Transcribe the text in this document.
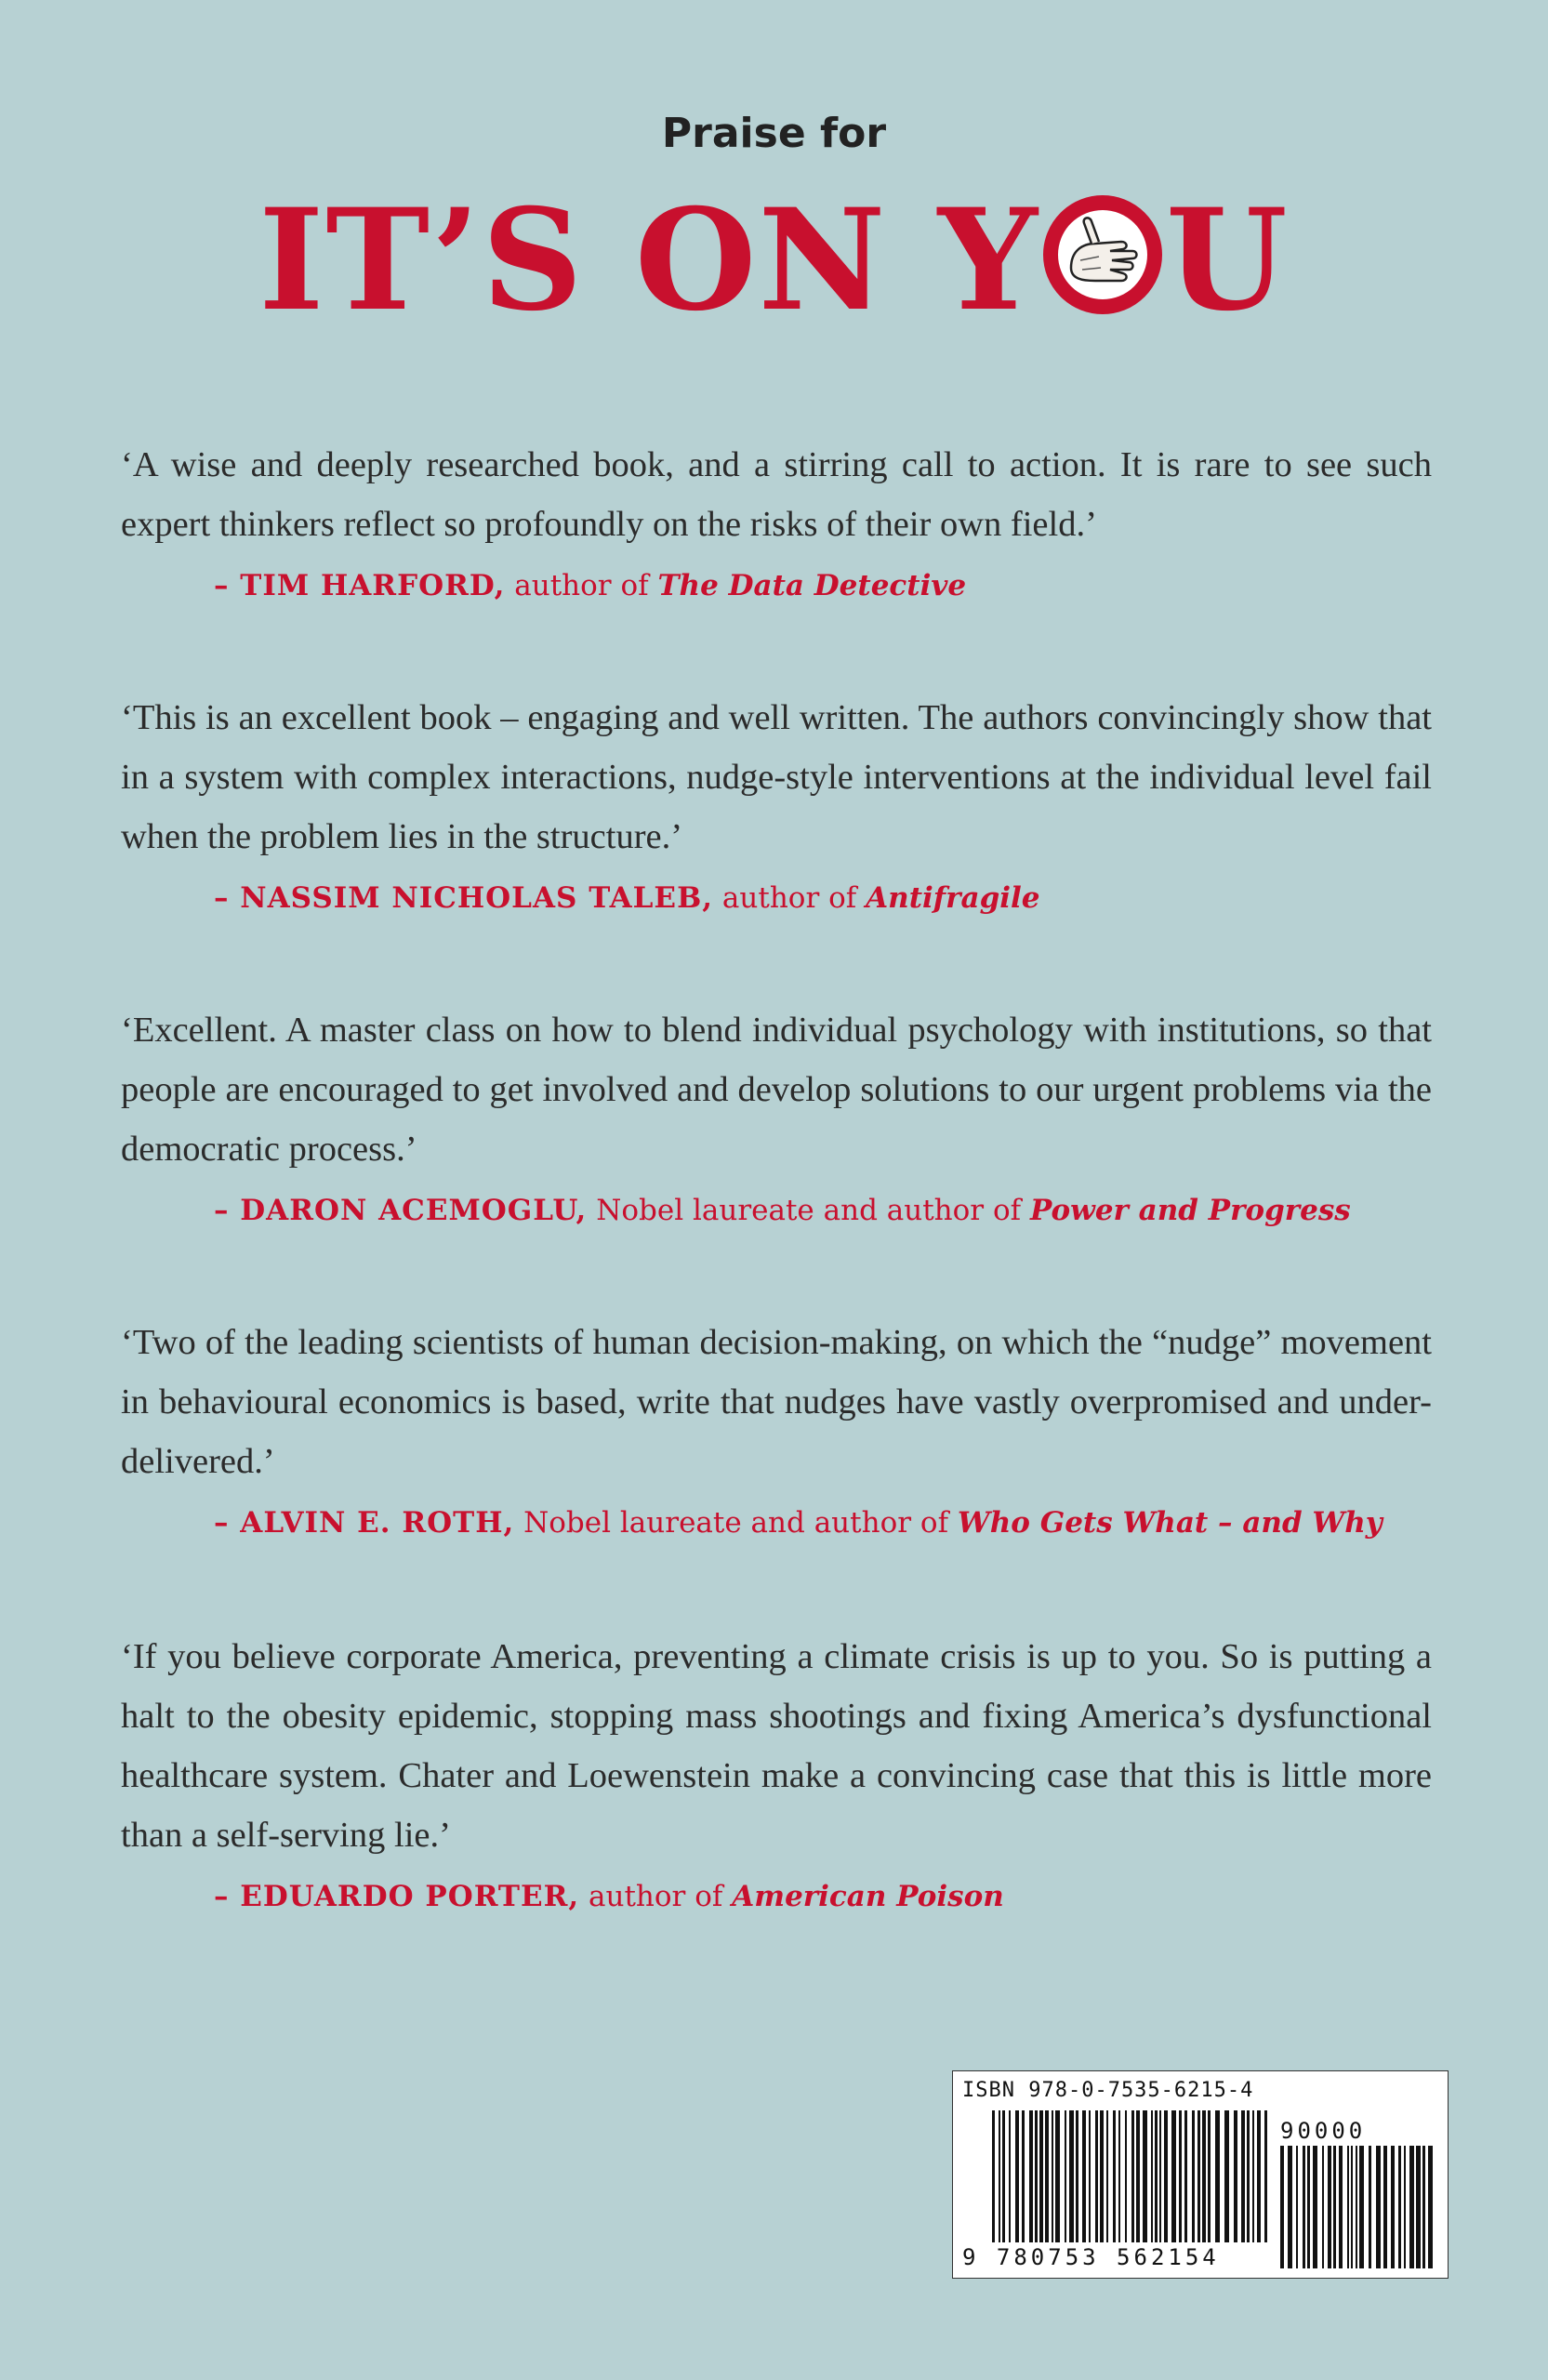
Praise for
IT’S ON Y U

‘A wise and deeply researched book, and a stirring call to action. It is rare to see such expert thinkers reflect so profoundly on the risks of their own field.’

– TIM HARFORD, author of The Data Detective

‘This is an excellent book – engaging and well written. The authors convincingly show that in a system with complex interactions, nudge-style interventions at the individual level fail when the problem lies in the structure.’

– NASSIM NICHOLAS TALEB, author of Antifragile

‘Excellent. A master class on how to blend individual psychology with institutions, so that people are encouraged to get involved and develop solutions to our urgent problems via the democratic process.’

– DARON ACEMOGLU, Nobel laureate and author of Power and Progress

‘Two of the leading scientists of human decision-making, on which the “nudge” movement in behavioural economics is based, write that nudges have vastly overpromised and under-delivered.’

– ALVIN E. ROTH, Nobel laureate and author of Who Gets What – and Why

‘If you believe corporate America, preventing a climate crisis is up to you. So is putting a halt to the obesity epidemic, stopping mass shootings and fixing America’s dysfunctional healthcare system. Chater and Loewenstein make a convincing case that this is little more than a self-serving lie.’

– EDUARDO PORTER, author of American Poison
ISBN 978-0-7535-6215-4
90000
9 780753 562154
